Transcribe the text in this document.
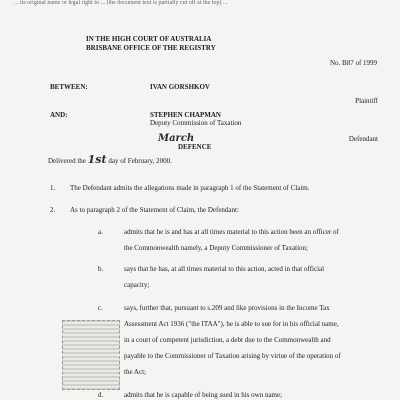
... its original name or legal right to ... (the document text is partially cut off at the top) ...
IN THE HIGH COURT OF AUSTRALIA
BRISBANE OFFICE OF THE REGISTRY
No. B87 of 1999
BETWEEN:	IVAN GORSHKOV
Plaintiff
AND:	STEPHEN CHAPMAN
Deputy Commission of Taxation
Defendant
March
DEFENCE
Delivered the 1st day of February, 2000.
1. The Defendant admits the allegations made in paragraph 1 of the Statement of Claim.
2. As to paragraph 2 of the Statement of Claim, the Defendant:
a.	admits that he is and has at all times material to this action been an officer of
the Commonwealth namely, a Deputy Commissioner of Taxation;
b.	says that he has, at all times material to this action, acted in that official
capacity;
c.	says, further that, pursuant to s.209 and like provisions in the Income Tax
Assessment Act 1936 ("the ITAA"), he is able to sue for in his official name,
in a court of competent jurisdiction, a debt due to the Commonwealth and
payable to the Commissioner of Taxation arising by virtue of the operation of
the Act;
d.	admits that he is capable of being sued in his own name;
